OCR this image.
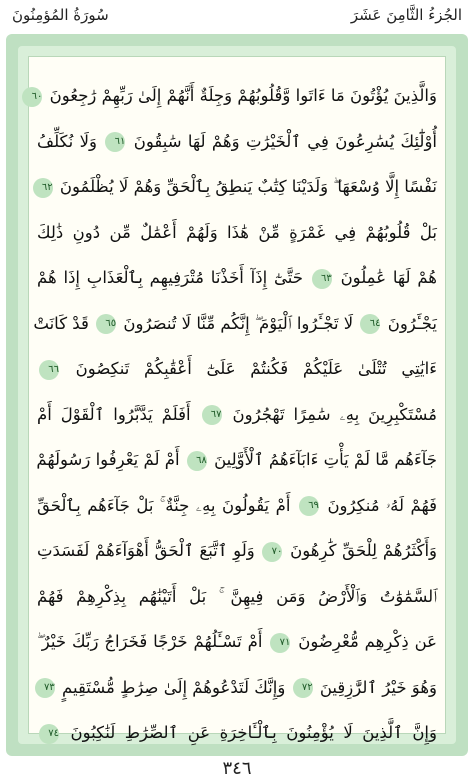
الجُزءُ الثَّامِنَ عَشَرَ
سُورَةُ المُؤمِنُونَ
وَالَّذِينَ يُؤْتُونَ مَا ءَاتَوا وَّقُلُوبُهُمْ وَجِلَةٌ أَنَّهُمْ إِلَىٰ رَبِّهِمْ رَٰجِعُونَ ٦٠
أُوْلَٰٓئِكَ يُسَٰرِعُونَ فِي ٱلْخَيْرَٰتِ وَهُمْ لَهَا سَٰبِقُونَ ٦١ وَلَا نُكَلِّفُ
نَفْسًا إِلَّا وُسْعَهَا ۖ وَلَدَيْنَا كِتَٰبٌ يَنطِقُ بِٱلْحَقِّ وَهُمْ لَا يُظْلَمُونَ ٦٢
بَلْ قُلُوبُهُمْ فِي غَمْرَةٍ مِّنْ هَٰذَا وَلَهُمْ أَعْمَٰلٌ مِّن دُونِ ذَٰلِكَ
هُمْ لَهَا عَٰمِلُونَ ٦٣ حَتَّىٰٓ إِذَآ أَخَذْنَا مُتْرَفِيهِم بِٱلْعَذَابِ إِذَا هُمْ
يَجْـَٔرُونَ ٦٤ لَا تَجْـَٔرُوا ٱلْيَوْمَ ۖ إِنَّكُم مِّنَّا لَا تُنصَرُونَ ٦٥ قَدْ كَانَتْ
ءَايَٰتِي تُتْلَىٰ عَلَيْكُمْ فَكُنتُمْ عَلَىٰٓ أَعْقَٰبِكُمْ تَنكِصُونَ ٦٦
مُسْتَكْبِرِينَ بِهِۦ سَٰمِرًا تَهْجُرُونَ ٦٧ أَفَلَمْ يَدَّبَّرُوا ٱلْقَوْلَ أَمْ
جَآءَهُم مَّا لَمْ يَأْتِ ءَابَآءَهُمُ ٱلْأَوَّلِينَ ٦٨ أَمْ لَمْ يَعْرِفُوا رَسُولَهُمْ
فَهُمْ لَهُۥ مُنكِرُونَ ٦٩ أَمْ يَقُولُونَ بِهِۦ جِنَّةٌ ۚ بَلْ جَآءَهُم بِٱلْحَقِّ
وَأَكْثَرُهُمْ لِلْحَقِّ كَٰرِهُونَ ٧٠ وَلَوِ ٱتَّبَعَ ٱلْحَقُّ أَهْوَآءَهُمْ لَفَسَدَتِ
ٱلسَّمَٰوَٰتُ وَٱلْأَرْضُ وَمَن فِيهِنَّ ۚ بَلْ أَتَيْنَٰهُم بِذِكْرِهِمْ فَهُمْ
عَن ذِكْرِهِم مُّعْرِضُونَ ٧١ أَمْ تَسْـَٔلُهُمْ خَرْجًا فَخَرَاجُ رَبِّكَ خَيْرٌ ۖ
وَهُوَ خَيْرُ ٱلرَّٰزِقِينَ ٧٢ وَإِنَّكَ لَتَدْعُوهُمْ إِلَىٰ صِرَٰطٍ مُّسْتَقِيمٍ ٧٣
وَإِنَّ ٱلَّذِينَ لَا يُؤْمِنُونَ بِٱلْـَٔاخِرَةِ عَنِ ٱلصِّرَٰطِ لَنَٰكِبُونَ ٧٤
٣٤٦
